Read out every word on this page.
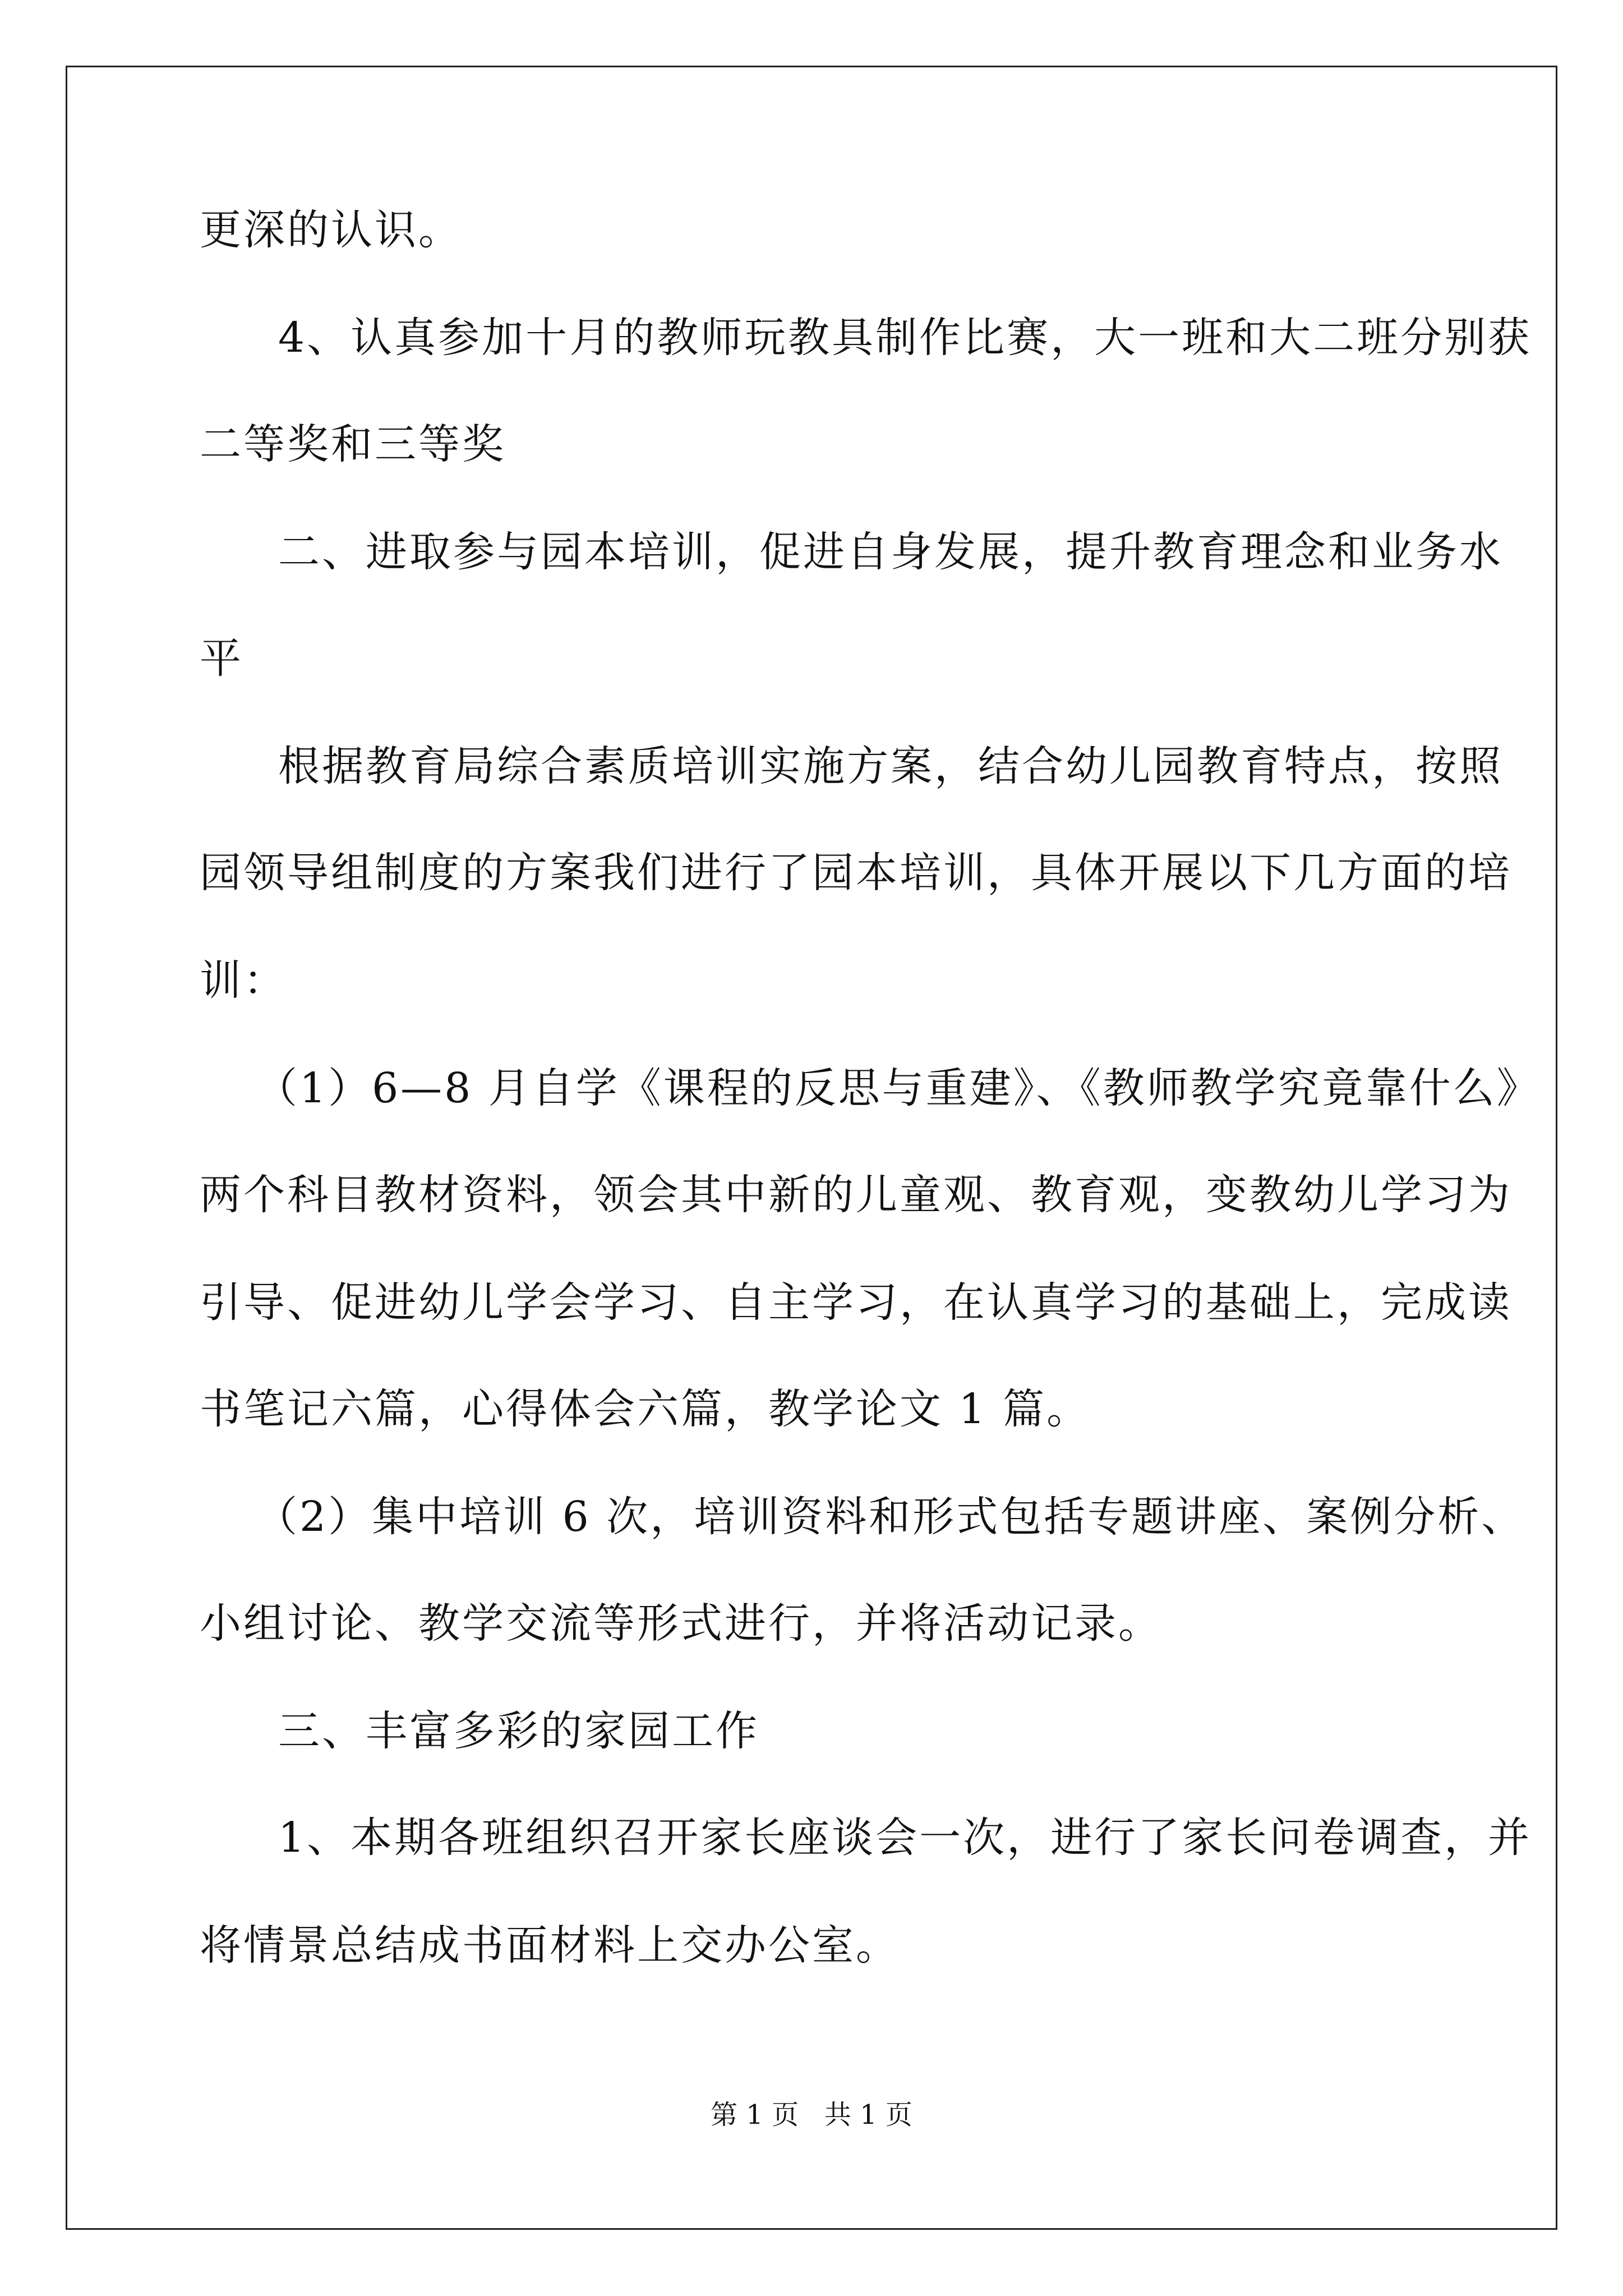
更深的认识。
4、认真参加十月的教师玩教具制作比赛，大一班和大二班分别获
二等奖和三等奖
二、进取参与园本培训，促进自身发展，提升教育理念和业务水
平
根据教育局综合素质培训实施方案，结合幼儿园教育特点，按照
园领导组制度的方案我们进行了园本培训，具体开展以下几方面的培
训：
（1）6—8 月自学《课程的反思与重建》、《教师教学究竟靠什么》
两个科目教材资料，领会其中新的儿童观、教育观，变教幼儿学习为
引导、促进幼儿学会学习、自主学习，在认真学习的基础上，完成读
书笔记六篇，心得体会六篇，教学论文 1 篇。
（2）集中培训 6 次，培训资料和形式包括专题讲座、案例分析、
小组讨论、教学交流等形式进行，并将活动记录。
三、丰富多彩的家园工作
1、本期各班组织召开家长座谈会一次，进行了家长问卷调查，并
将情景总结成书面材料上交办公室。
第 1 页   共 1 页
